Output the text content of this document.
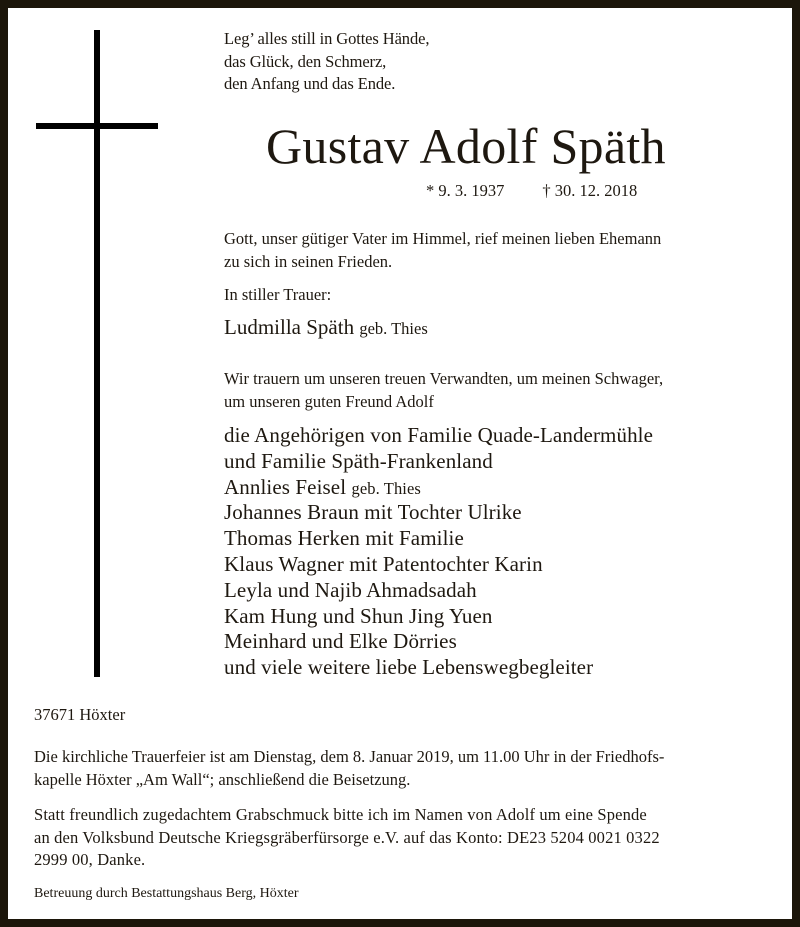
Leg’ alles still in Gottes Hände,
das Glück, den Schmerz,
den Anfang und das Ende.
Gustav Adolf Späth
* 9. 3. 1937 † 30. 12. 2018
Gott, unser gütiger Vater im Himmel, rief meinen lieben Ehemann
zu sich in seinen Frieden.
In stiller Trauer:
Ludmilla Späth geb. Thies
Wir trauern um unseren treuen Verwandten, um meinen Schwager,
um unseren guten Freund Adolf
die Angehörigen von Familie Quade-Landermühle
und Familie Späth-Frankenland
Annlies Feisel geb. Thies
Johannes Braun mit Tochter Ulrike
Thomas Herken mit Familie
Klaus Wagner mit Patentochter Karin
Leyla und Najib Ahmadsadah
Kam Hung und Shun Jing Yuen
Meinhard und Elke Dörries
und viele weitere liebe Lebenswegbegleiter
37671 Höxter
Die kirchliche Trauerfeier ist am Dienstag, dem 8. Januar 2019, um 11.00 Uhr in der Friedhofs-
kapelle Höxter „Am Wall“; anschließend die Beisetzung.
Statt freundlich zugedachtem Grabschmuck bitte ich im Namen von Adolf um eine Spende
an den Volksbund Deutsche Kriegsgräberfürsorge e.V. auf das Konto: DE23 5204 0021 0322
2999 00, Danke.
Betreuung durch Bestattungshaus Berg, Höxter
